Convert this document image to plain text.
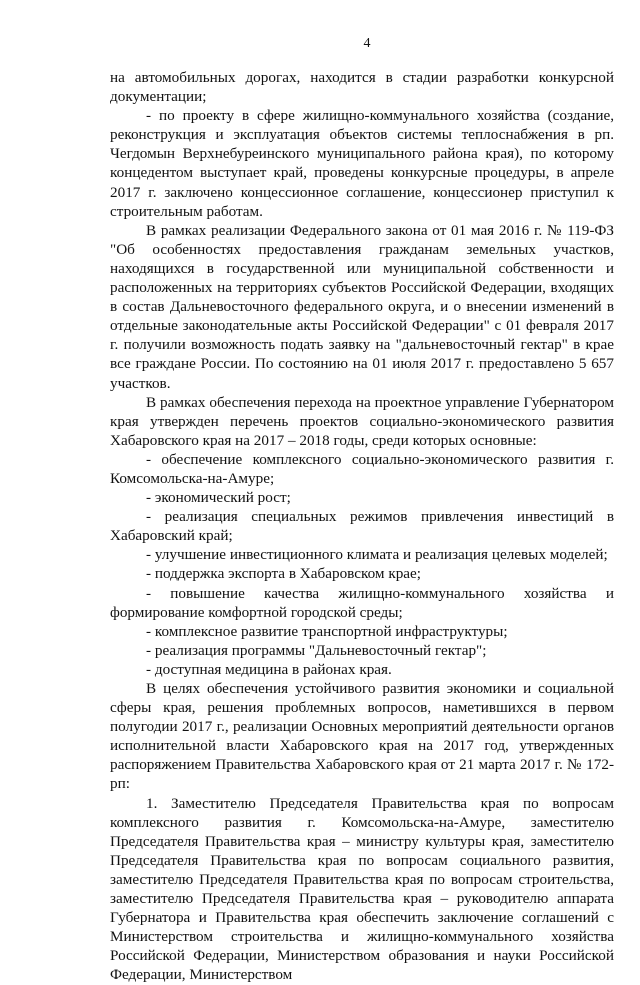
4

на автомобильных дорогах, находится в стадии разработки конкурсной документации;

- по проекту в сфере жилищно-коммунального хозяйства (создание, реконструкция и эксплуатация объектов системы теплоснабжения в рп. Чегдомын Верхнебуреинского муниципального района края), по которому концедентом выступает край, проведены конкурсные процедуры, в апреле 2017 г. заключено концессионное соглашение, концессионер приступил к строительным работам.

В рамках реализации Федерального закона от 01 мая 2016 г. № 119-ФЗ "Об особенностях предоставления гражданам земельных участков, находящихся в государственной или муниципальной собственности и расположенных на территориях субъектов Российской Федерации, входящих в состав Дальневосточного федерального округа, и о внесении изменений в отдельные законодательные акты Российской Федерации" с 01 февраля 2017 г. получили возможность подать заявку на "дальневосточный гектар" в крае все граждане России. По состоянию на 01 июля 2017 г. предоставлено 5 657 участков.

В рамках обеспечения перехода на проектное управление Губернатором края утвержден перечень проектов социально-экономического развития Хабаровского края на 2017 – 2018 годы, среди которых основные:

- обеспечение комплексного социально-экономического развития г. Комсомольска-на-Амуре;

- экономический рост;

- реализация специальных режимов привлечения инвестиций в Хабаровский край;

- улучшение инвестиционного климата и реализация целевых моделей;

- поддержка экспорта в Хабаровском крае;

- повышение качества жилищно-коммунального хозяйства и формирование комфортной городской среды;

- комплексное развитие транспортной инфраструктуры;

- реализация программы "Дальневосточный гектар";

- доступная медицина в районах края.

В целях обеспечения устойчивого развития экономики и социальной сферы края, решения проблемных вопросов, наметившихся в первом полугодии 2017 г., реализации Основных мероприятий деятельности органов исполнительной власти Хабаровского края на 2017 год, утвержденных распоряжением Правительства Хабаровского края от 21 марта 2017 г. № 172-рп:

1. Заместителю Председателя Правительства края по вопросам комплексного развития г. Комсомольска-на-Амуре, заместителю Председателя Правительства края – министру культуры края, заместителю Председателя Правительства края по вопросам социального развития, заместителю Председателя Правительства края по вопросам строительства, заместителю Председателя Правительства края – руководителю аппарата Губернатора и Правительства края обеспечить заключение соглашений с Министерством строительства и жилищно-коммунального хозяйства Российской Федерации, Министерством образования и науки Российской Федерации, Министерством
